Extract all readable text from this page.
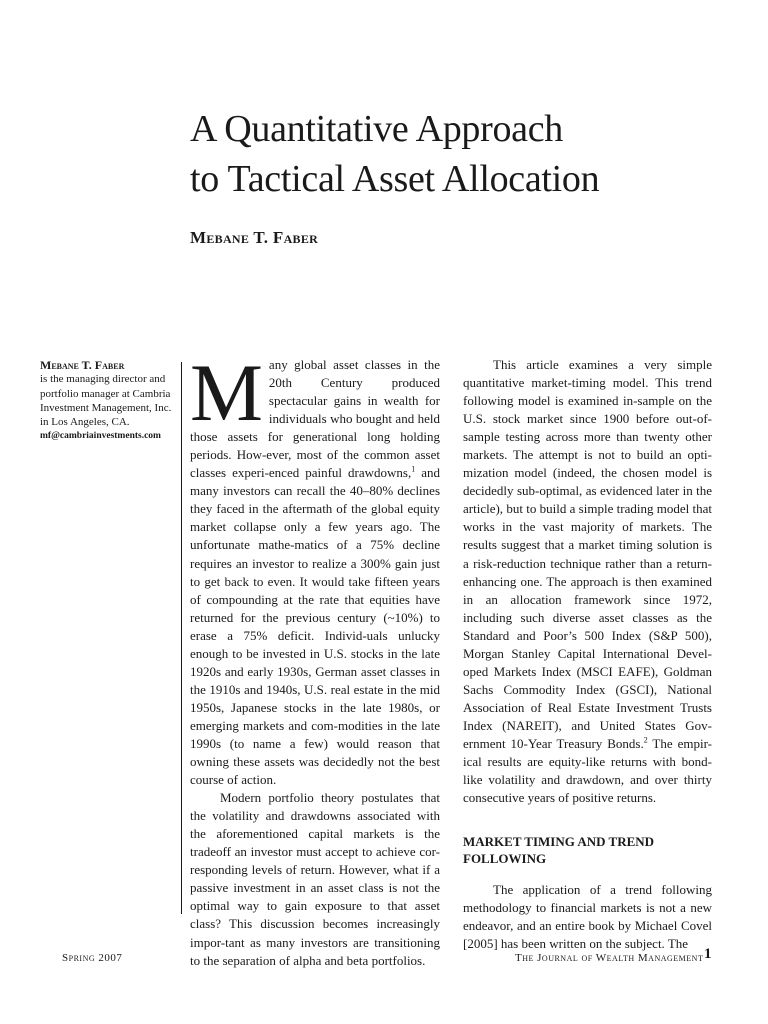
A Quantitative Approach
to Tactical Asset Allocation
Mebane T. Faber
Mebane T. Faber
is the managing director and portfolio manager at Cambria Investment Management, Inc. in Los Angeles, CA.
mf@cambriainvestments.com Many global asset classes in the 20th Century produced spectacular gains in wealth for individuals who bought and held those assets for generational long holding periods. How-ever, most of the common asset classes experi-enced painful drawdowns,$^1$ and many investors can recall the 40–80% declines they faced in the aftermath of the global equity market collapse only a few years ago. The unfortunate mathe-matics of a 75% decline requires an investor to realize a 300% gain just to get back to even. It would take fifteen years of compounding at the rate that equities have returned for the previous century (~10%) to erase a 75% deficit. Individ-uals unlucky enough to be invested in U.S. stocks in the late 1920s and early 1930s, German asset classes in the 1910s and 1940s, U.S. real estate in the mid 1950s, Japanese stocks in the late 1980s, or emerging markets and com-modities in the late 1990s (to name a few) would reason that owning these assets was decidedly not the best course of action.

Modern portfolio theory postulates that the volatility and drawdowns associated with the aforementioned capital markets is the tradeoff an investor must accept to achieve cor-responding levels of return. However, what if a passive investment in an asset class is not the optimal way to gain exposure to that asset class? This discussion becomes increasingly impor-tant as many investors are transitioning to the separation of alpha and beta portfolios.

This article examines a very simple quantitative market-timing model. This trend following model is examined in-sample on the U.S. stock market since 1900 before out-of-sample testing across more than twenty other markets. The attempt is not to build an opti-mization model (indeed, the chosen model is decidedly sub-optimal, as evidenced later in the article), but to build a simple trading model that works in the vast majority of markets. The results suggest that a market timing solution is a risk-reduction technique rather than a return-enhancing one. The approach is then examined in an allocation framework since 1972, including such diverse asset classes as the Standard and Poor’s 500 Index (S&P 500), Morgan Stanley Capital International Devel-oped Markets Index (MSCI EAFE), Goldman Sachs Commodity Index (GSCI), National Association of Real Estate Investment Trusts Index (NAREIT), and United States Gov-ernment 10-Year Treasury Bonds.$^2$ The empir-ical results are equity-like returns with bond-like volatility and drawdown, and over thirty consecutive years of positive returns.

MARKET TIMING AND TREND FOLLOWING

The application of a trend following methodology to financial markets is not a new endeavor, and an entire book by Michael Covel [2005] has been written on the subject. The

Spring 2007	The Journal of Wealth Management 1
